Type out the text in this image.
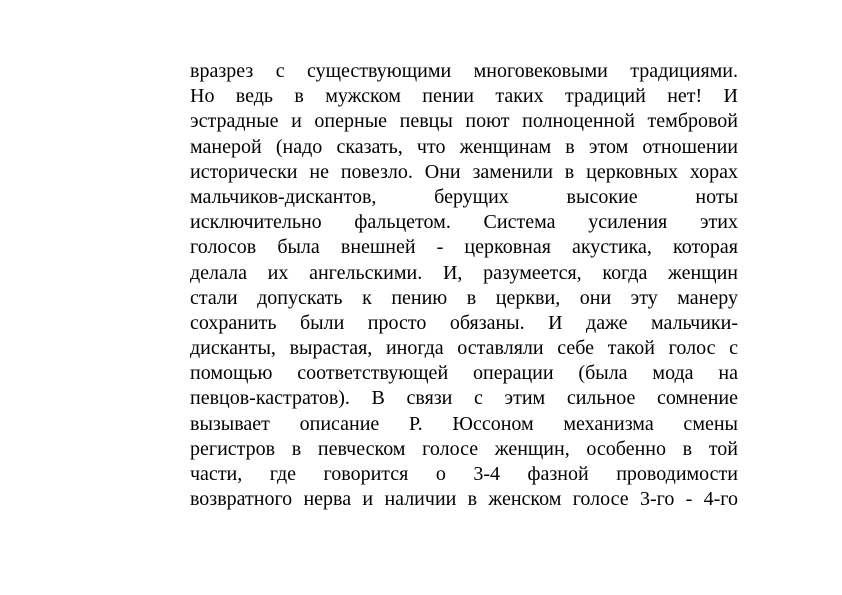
вразрез с существующими многовековыми традициями.
Но ведь в мужском пении таких традиций нет! И
эстрадные и оперные певцы поют полноценной тембровой
манерой (надо сказать, что женщинам в этом отношении
исторически не повезло. Они заменили в церковных хорах
мальчиков-дискантов, берущих высокие ноты
исключительно фальцетом. Система усиления этих
голосов была внешней - церковная акустика, которая
делала их ангельскими. И, разумеется, когда женщин
стали допускать к пению в церкви, они эту манеру
сохранить были просто обязаны. И даже мальчики-
дисканты, вырастая, иногда оставляли себе такой голос с
помощью соответствующей операции (была мода на
певцов-кастратов). В связи с этим сильное сомнение
вызывает описание Р. Юссоном механизма смены
регистров в певческом голосе женщин, особенно в той
части, где говорится о 3-4 фазной проводимости
возвратного нерва и наличии в женском голосе 3-го - 4-го
